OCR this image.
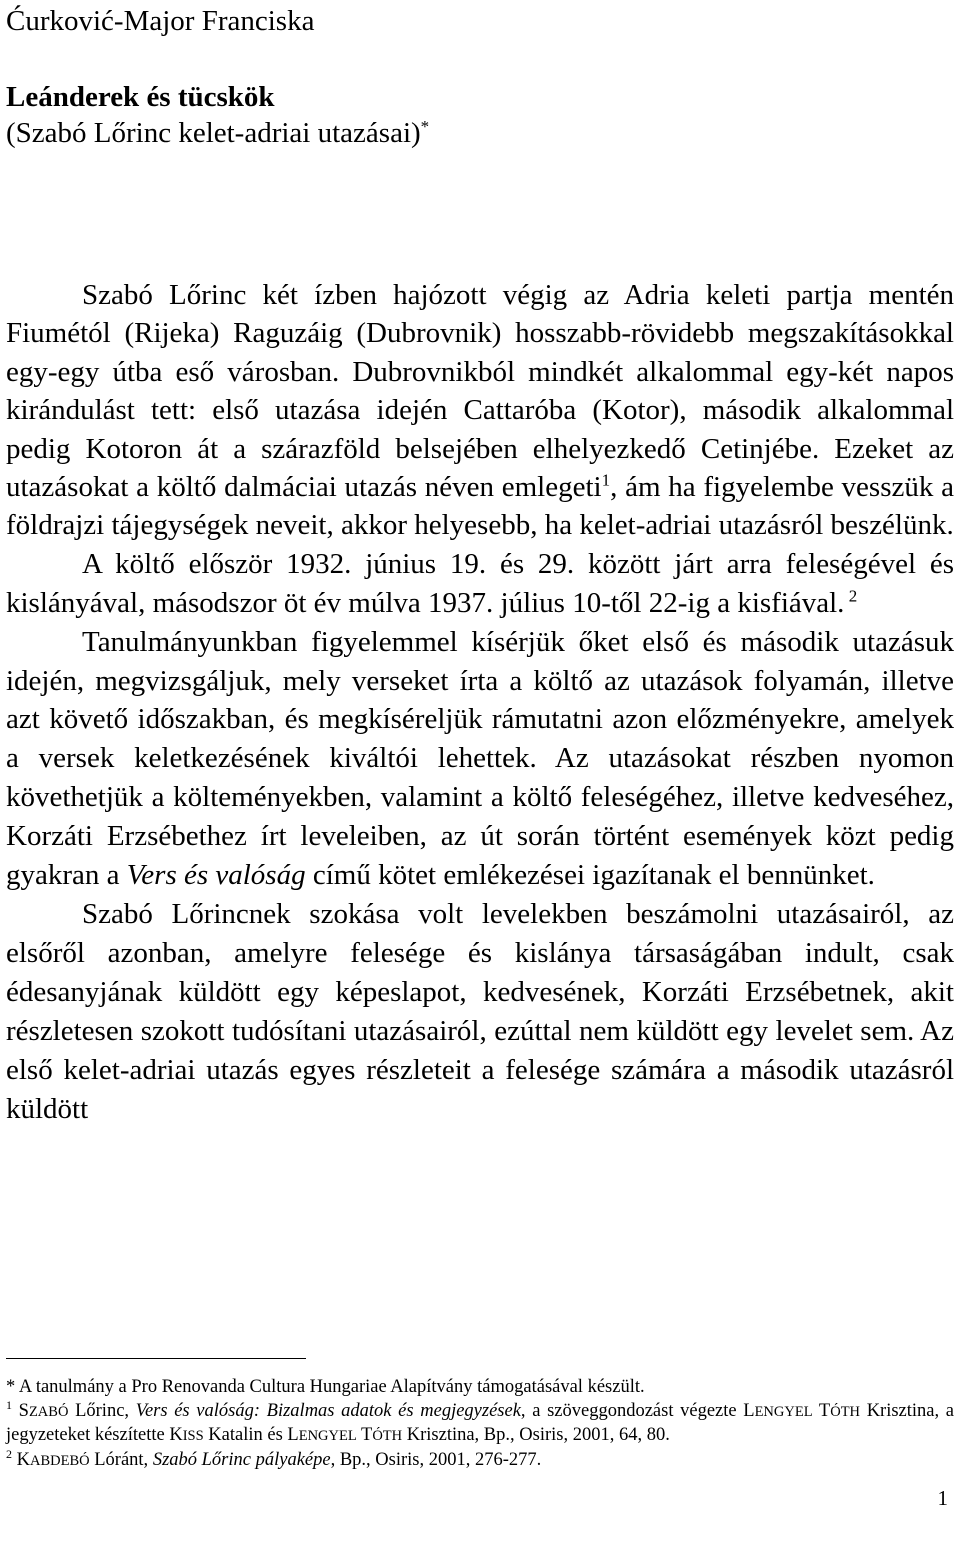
Ćurković-Major Franciska
Leánderek és tücskök
(Szabó Lőrinc kelet-adriai utazásai)*

Szabó Lőrinc két ízben hajózott végig az Adria keleti partja mentén Fiumétól (Rijeka) Raguzáig (Dubrovnik) hosszabb-rövidebb megszakításokkal egy-egy útba eső városban. Dubrovnikból mindkét alkalommal egy-két napos kirándulást tett: első utazása idején Cattaróba (Kotor), második alkalommal pedig Kotoron át a szárazföld belsejében elhelyezkedő Cetinjébe. Ezeket az utazásokat a költő dalmáciai utazás néven emlegeti$^1$, ám ha figyelembe vesszük a földrajzi tájegységek neveit, akkor helyesebb, ha kelet-adriai utazásról beszélünk.

A költő először 1932. június 19. és 29. között járt arra feleségével és kislányával, másodszor öt év múlva 1937. július 10-től 22-ig a kisfiával. $^2$

Tanulmányunkban figyelemmel kísérjük őket első és második utazásuk idején, megvizsgáljuk, mely verseket írta a költő az utazások folyamán, illetve azt követő időszakban, és megkíséreljük rámutatni azon előzményekre, amelyek a versek keletkezésének kiváltói lehettek. Az utazásokat részben nyomon követhetjük a költeményekben, valamint a költő feleségéhez, illetve kedveséhez, Korzáti Erzsébethez írt leveleiben, az út során történt események közt pedig gyakran a Vers és valóság című kötet emlékezései igazítanak el bennünket.

Szabó Lőrincnek szokása volt levelekben beszámolni utazásairól, az elsőről azonban, amelyre felesége és kislánya társaságában indult, csak édesanyjának küldött egy képeslapot, kedvesének, Korzáti Erzsébetnek, akit részletesen szokott tudósítani utazásairól, ezúttal nem küldött egy levelet sem. Az első kelet-adriai utazás egyes részleteit a felesége számára a második utazásról küldött

* A tanulmány a Pro Renovanda Cultura Hungariae Alapítvány támogatásával készült.
$^1$ SZABÓ Lőrinc, Vers és valóság: Bizalmas adatok és megjegyzések, a szöveggondozást végezte LENGYEL TÓTH Krisztina, a jegyzeteket készítette KISS Katalin és LENGYEL TÓTH Krisztina, Bp., Osiris, 2001, 64, 80.
$^2$ KABDEBÓ Lóránt, Szabó Lőrinc pályaképe, Bp., Osiris, 2001, 276-277.
1
